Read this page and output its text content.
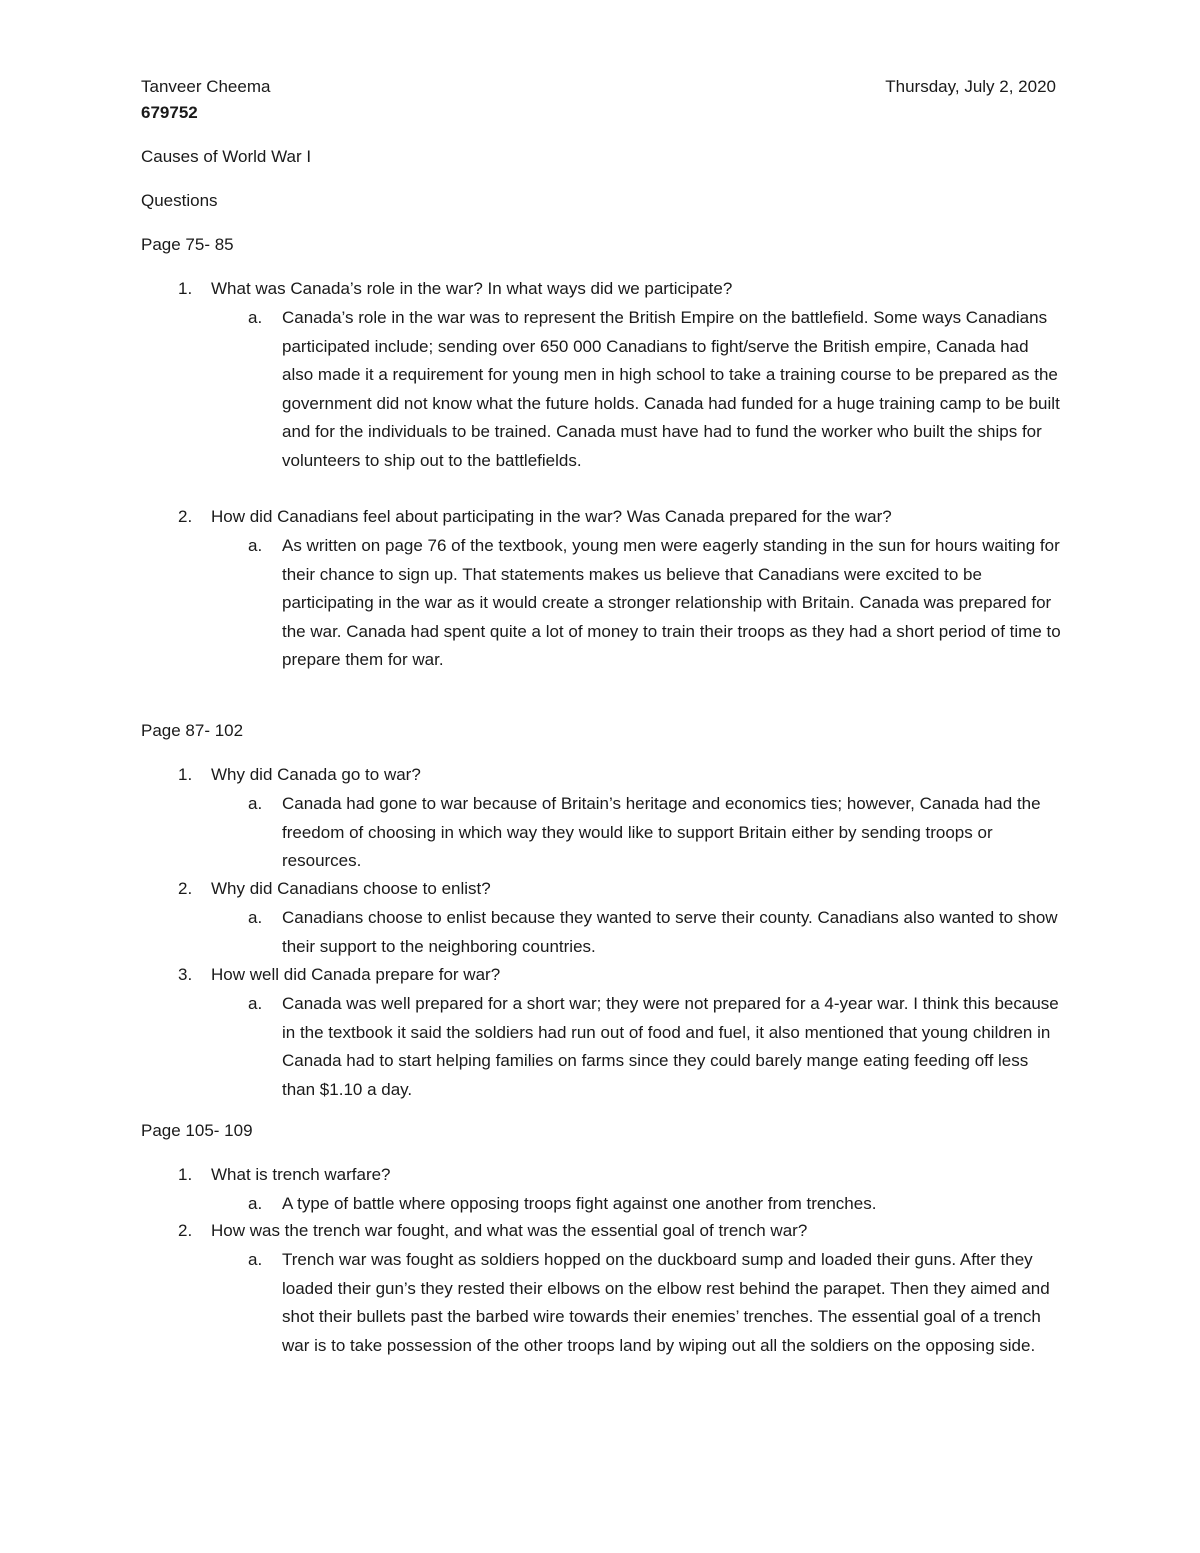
Tanveer Cheema	Thursday, July 2, 2020
679752
Causes of World War I
Questions
Page 75- 85
1. What was Canada’s role in the war? In what ways did we participate?
a. Canada’s role in the war was to represent the British Empire on the battlefield. Some ways Canadians participated include; sending over 650 000 Canadians to fight/serve the British empire, Canada had also made it a requirement for young men in high school to take a training course to be prepared as the government did not know what the future holds. Canada had funded for a huge training camp to be built and for the individuals to be trained. Canada must have had to fund the worker who built the ships for volunteers to ship out to the battlefields.
2. How did Canadians feel about participating in the war? Was Canada prepared for the war?
a. As written on page 76 of the textbook, young men were eagerly standing in the sun for hours waiting for their chance to sign up. That statements makes us believe that Canadians were excited to be participating in the war as it would create a stronger relationship with Britain. Canada was prepared for the war. Canada had spent quite a lot of money to train their troops as they had a short period of time to prepare them for war.
Page 87- 102
1. Why did Canada go to war?
a. Canada had gone to war because of Britain’s heritage and economics ties; however, Canada had the freedom of choosing in which way they would like to support Britain either by sending troops or resources.
2. Why did Canadians choose to enlist?
a. Canadians choose to enlist because they wanted to serve their county. Canadians also wanted to show their support to the neighboring countries.
3. How well did Canada prepare for war?
a. Canada was well prepared for a short war; they were not prepared for a 4-year war. I think this because in the textbook it said the soldiers had run out of food and fuel, it also mentioned that young children in Canada had to start helping families on farms since they could barely mange eating feeding off less than $1.10 a day.
Page 105- 109
1. What is trench warfare?
a. A type of battle where opposing troops fight against one another from trenches.
2. How was the trench war fought, and what was the essential goal of trench war?
a. Trench war was fought as soldiers hopped on the duckboard sump and loaded their guns. After they loaded their gun’s they rested their elbows on the elbow rest behind the parapet. Then they aimed and shot their bullets past the barbed wire towards their enemies’ trenches. The essential goal of a trench war is to take possession of the other troops land by wiping out all the soldiers on the opposing side.
